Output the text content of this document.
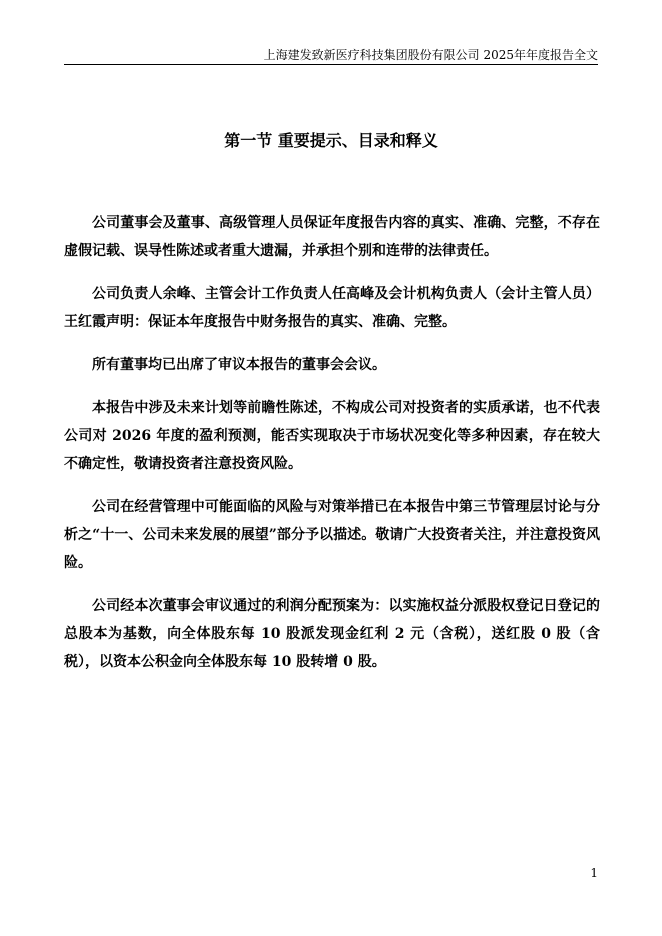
上海建发致新医疗科技集团股份有限公司 2025年年度报告全文
第一节 重要提示、目录和释义

公司董事会及董事、高级管理人员保证年度报告内容的真实、准确、完整，不存在虚假记载、误导性陈述或者重大遗漏，并承担个别和连带的法律责任。

公司负责人余峰、主管会计工作负责人任高峰及会计机构负责人（会计主管人员）王红霞声明：保证本年度报告中财务报告的真实、准确、完整。

所有董事均已出席了审议本报告的董事会会议。

本报告中涉及未来计划等前瞻性陈述，不构成公司对投资者的实质承诺，也不代表公司对 2026 年度的盈利预测，能否实现取决于市场状况变化等多种因素，存在较大不确定性，敬请投资者注意投资风险。

公司在经营管理中可能面临的风险与对策举措已在本报告中第三节管理层讨论与分析之“十一、公司未来发展的展望”部分予以描述。敬请广大投资者关注，并注意投资风险。

公司经本次董事会审议通过的利润分配预案为：以实施权益分派股权登记日登记的总股本为基数，向全体股东每 10 股派发现金红利 2 元（含税），送红股 0 股（含税），以资本公积金向全体股东每 10 股转增 0 股。

1
